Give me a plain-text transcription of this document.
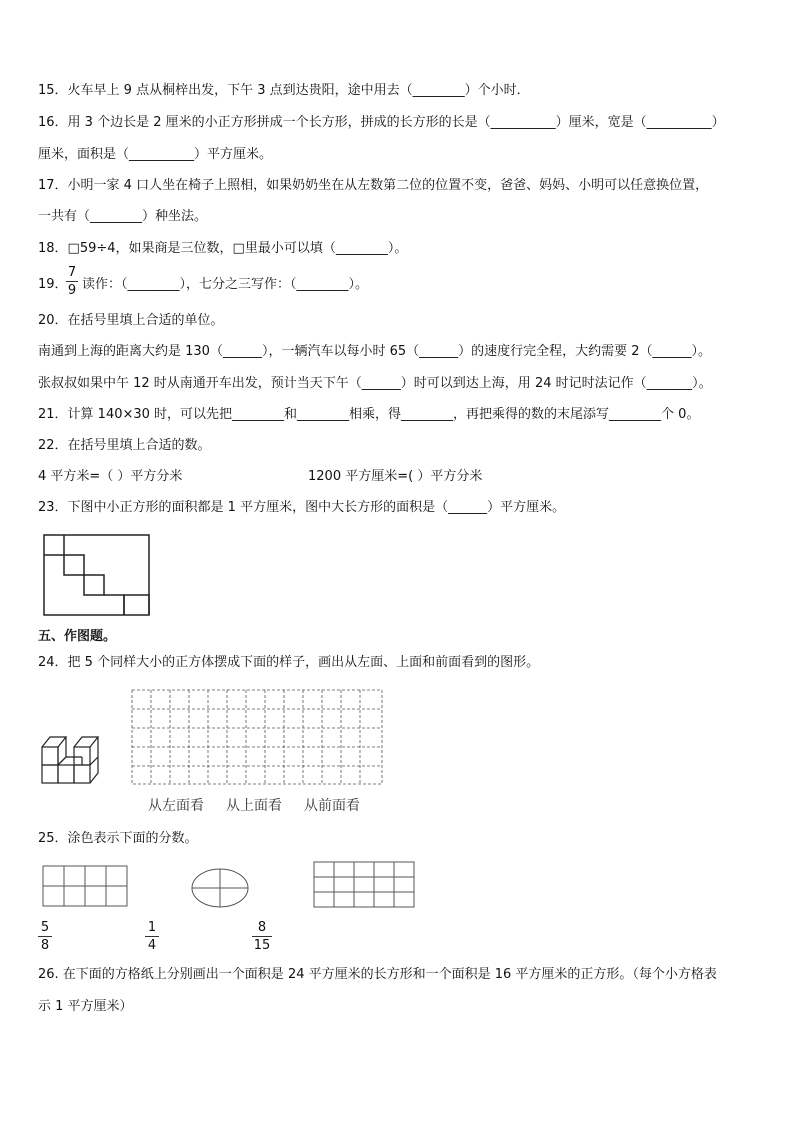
15．火车早上 9 点从桐梓出发，下午 3 点到达贵阳，途中用去（________）个小时．
16．用 3 个边长是 2 厘米的小正方形拼成一个长方形，拼成的长方形的长是（__________）厘米，宽是（__________）
厘米，面积是（__________）平方厘米。
17．小明一家 4 口人坐在椅子上照相，如果奶奶坐在从左数第二位的位置不变，爸爸、妈妈、小明可以任意换位置，
一共有（________）种坐法。
18．□59÷4，如果商是三位数，□里最小可以填（________）。
19．
7
9 读作：（________），七分之三写作：（________）。
20．在括号里填上合适的单位。
南通到上海的距离大约是 130（______），一辆汽车以每小时 65（______）的速度行完全程，大约需要 2（______）。
张叔叔如果中午 12 时从南通开车出发，预计当天下午（______）时可以到达上海，用 24 时记时法记作（_______）。
21．计算 140×30 时，可以先把________和________相乘，得________，再把乘得的数的末尾添写________个 0。
22．在括号里填上合适的数。
4 平方米=（ ）平方分米	1200 平方厘米=( ）平方分米
23．下图中小正方形的面积都是 1 平方厘米，图中大长方形的面积是（______）平方厘米。
五、作图题。
24．把 5 个同样大小的正方体摆成下面的样子，画出从左面、上面和前面看到的图形。
从左面看 从上面看 从前面看
25．涂色表示下面的分数。
5
8
1
4
8
15
26. 在下面的方格纸上分别画出一个面积是 24 平方厘米的长方形和一个面积是 16 平方厘米的正方形。（每个小方格表
示 1 平方厘米）
